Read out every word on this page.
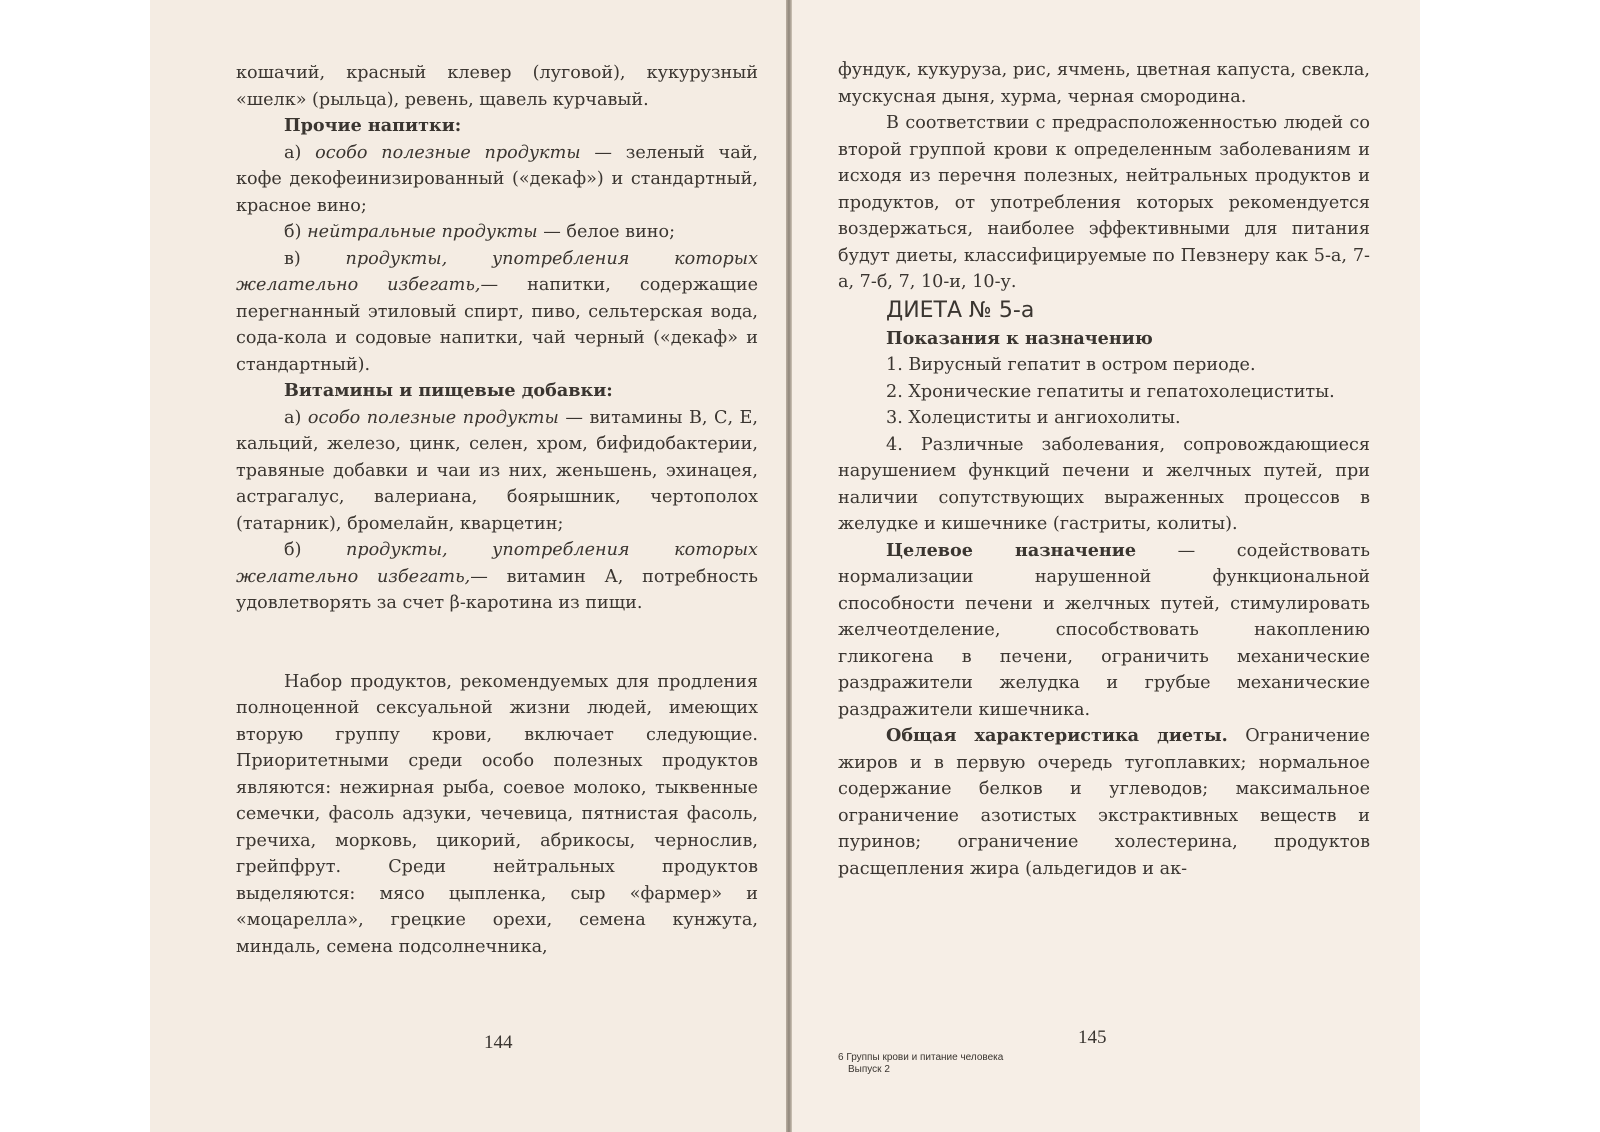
кошачий, красный клевер (луговой), кукурузный «шелк» (рыльца), ревень, щавель курчавый.

Прочие напитки:

а) особо полезные продукты — зеленый чай, кофе декофеинизированный («декаф») и стандартный, красное вино;

б) нейтральные продукты — белое вино;

в) продукты, употребления которых желательно избегать,— напитки, содержащие перегнанный этиловый спирт, пиво, сельтерская вода, сода-кола и содовые напитки, чай черный («декаф» и стандартный).

Витамины и пищевые добавки:

а) особо полезные продукты — витамины В, С, Е, кальций, железо, цинк, селен, хром, бифидобактерии, травяные добавки и чаи из них, женьшень, эхинацея, астрагалус, валериана, боярышник, чертополох (татарник), бромелайн, кварцетин;

б) продукты, употребления которых желательно избегать,— витамин А, потребность удовлетворять за счет β-каротина из пищи.

Набор продуктов, рекомендуемых для продления полноценной сексуальной жизни людей, имеющих вторую группу крови, включает следующие. Приоритетными среди особо полезных продуктов являются: нежирная рыба, соевое молоко, тыквенные семечки, фасоль адзуки, чечевица, пятнистая фасоль, гречиха, морковь, цикорий, абрикосы, чернослив, грейпфрут. Среди нейтральных продуктов выделяются: мясо цыпленка, сыр «фармер» и «моцарелла», грецкие орехи, семена кунжута, миндаль, семена подсолнечника,

144

фундук, кукуруза, рис, ячмень, цветная капуста, свекла, мускусная дыня, хурма, черная смородина.

В соответствии с предрасположенностью людей со второй группой крови к определенным заболеваниям и исходя из перечня полезных, нейтральных продуктов и продуктов, от употребления которых рекомендуется воздержаться, наиболее эффективными для питания будут диеты, классифицируемые по Певзнеру как 5-а, 7-а, 7-б, 7, 10-и, 10-у.

ДИЕТА № 5-а

Показания к назначению

1. Вирусный гепатит в остром периоде.

2. Хронические гепатиты и гепатохолециститы.

3. Холециститы и ангиохолиты.

4. Различные заболевания, сопровождающиеся нарушением функций печени и желчных путей, при наличии сопутствующих выраженных процессов в желудке и кишечнике (гастриты, колиты).

Целевое назначение — содействовать нормализации нарушенной функциональной способности печени и желчных путей, стимулировать желчеотделение, способствовать накоплению гликогена в печени, ограничить механические раздражители желудка и грубые механические раздражители кишечника.

Общая характеристика диеты. Ограничение жиров и в первую очередь тугоплавких; нормальное содержание белков и углеводов; максимальное ограничение азотистых экстрактивных веществ и пуринов; ограничение холестерина, продуктов расщепления жира (альдегидов и ак-

145
6 Группы крови и питание человека
Выпуск 2
